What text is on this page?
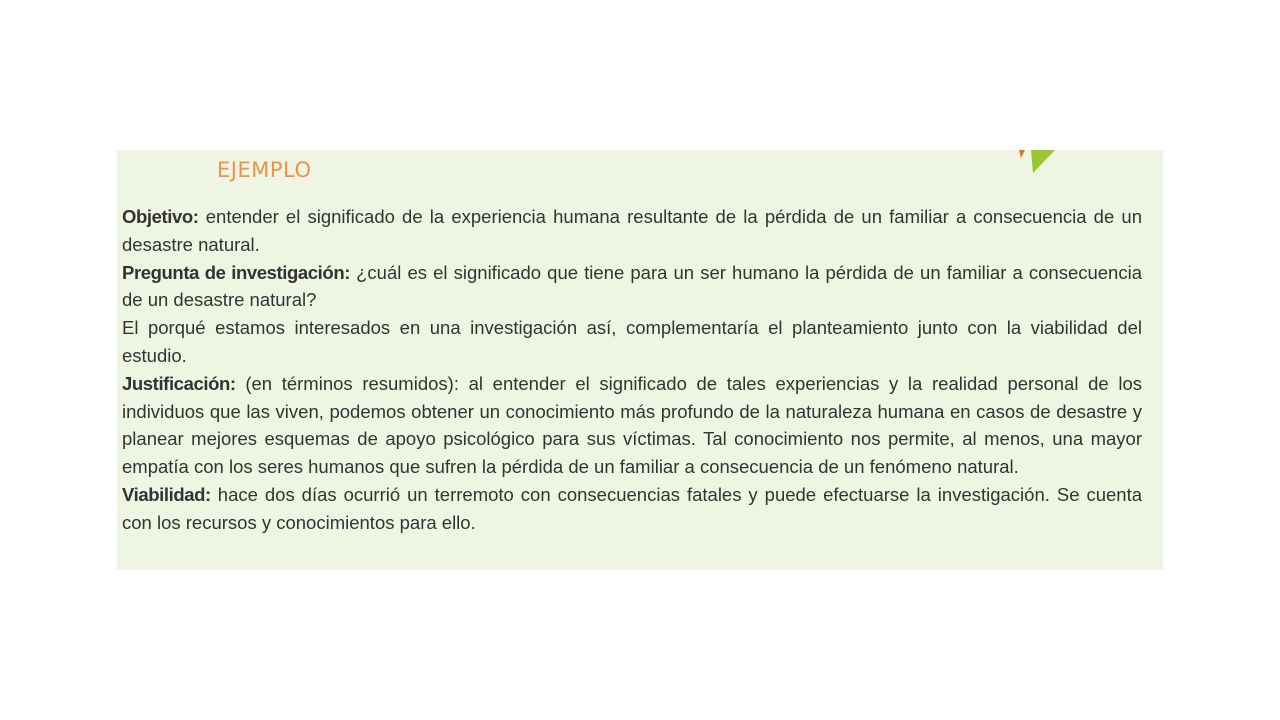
EJEMPLO

Objetivo: entender el significado de la experiencia humana resultante de la pérdida de un familiar a consecuencia de un desastre natural.

Pregunta de investigación: ¿cuál es el significado que tiene para un ser humano la pérdida de un familiar a consecuencia de un desastre natural?

El porqué estamos interesados en una investigación así, complementaría el planteamiento junto con la viabilidad del estudio.

Justificación: (en términos resumidos): al entender el significado de tales experiencias y la realidad personal de los individuos que las viven, podemos obtener un conocimiento más profundo de la naturaleza humana en casos de desastre y planear mejores esquemas de apoyo psicológico para sus víctimas. Tal conocimiento nos permite, al menos, una mayor empatía con los seres humanos que sufren la pérdida de un familiar a consecuencia de un fenómeno natural.

Viabilidad: hace dos días ocurrió un terremoto con consecuencias fatales y puede efectuarse la investigación. Se cuenta con los recursos y conocimientos para ello.
